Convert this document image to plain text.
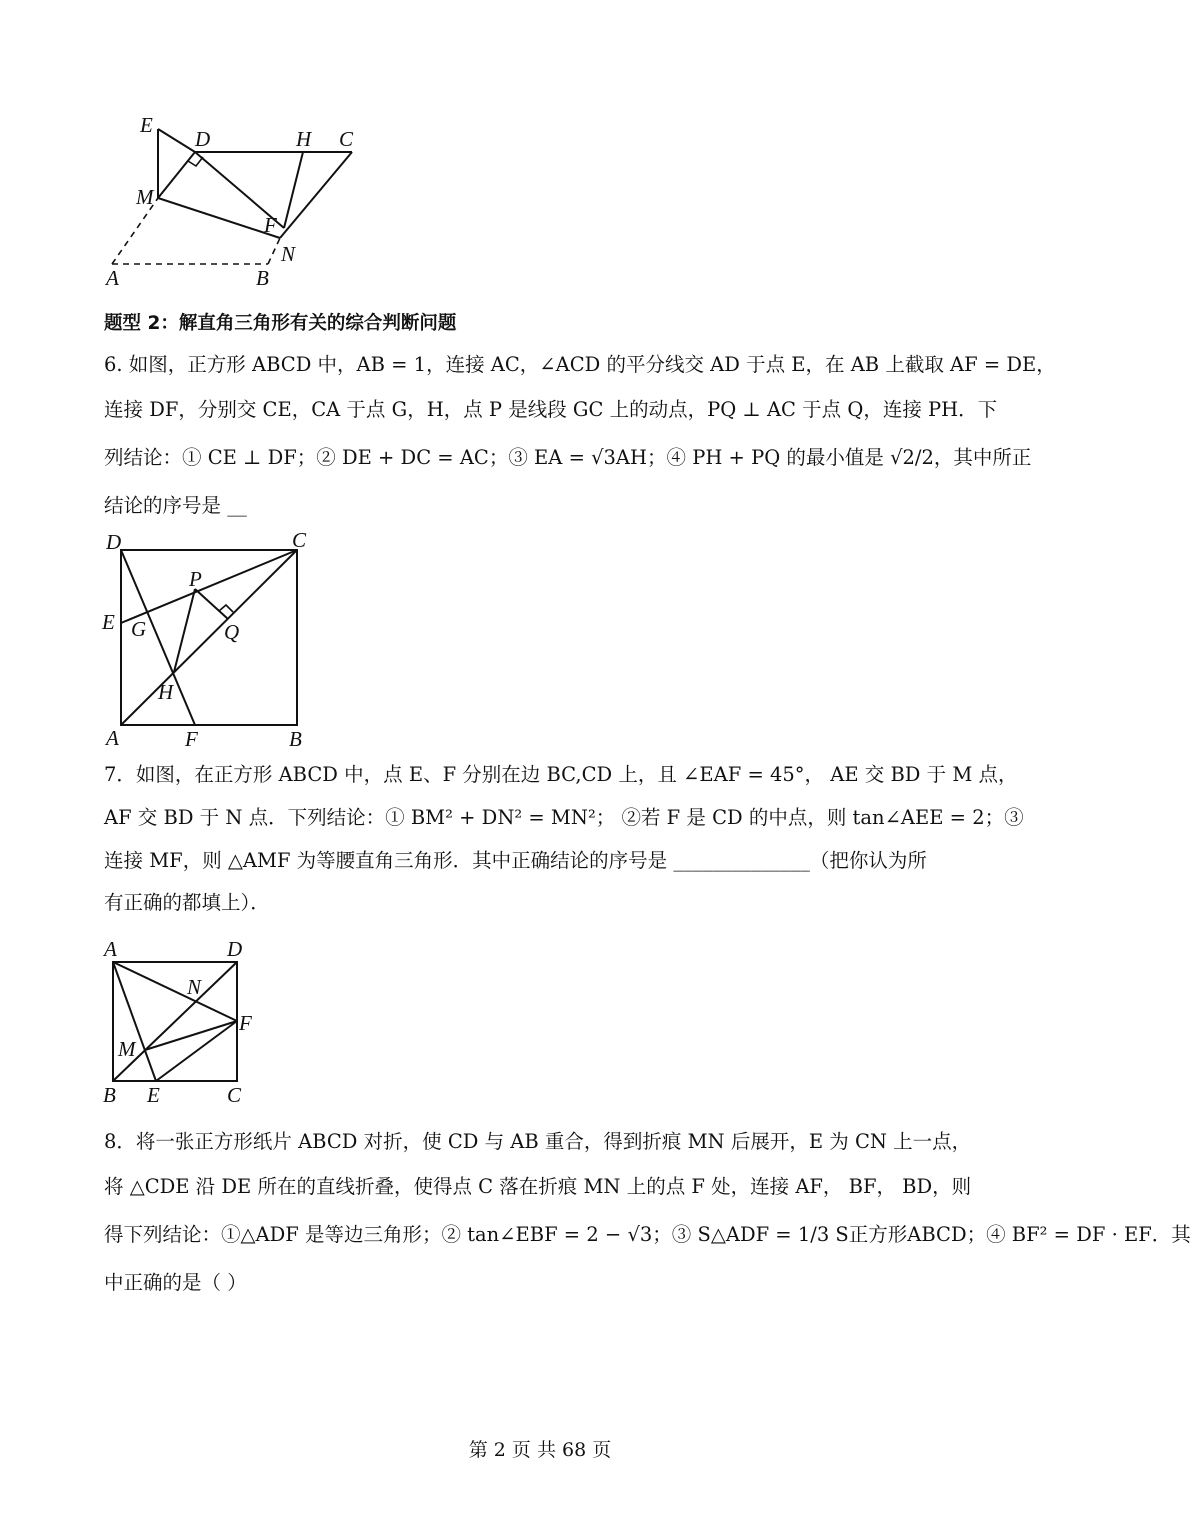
E
D	H C
M
F
N
A	B
题型 2：解直角三角形有关的综合判断问题
6. 如图，正方形 ABCD 中，AB = 1，连接 AC，∠ACD 的平分线交 AD 于点 E，在 AB 上截取 AF = DE，
连接 DF，分别交 CE，CA 于点 G，H，点 P 是线段 GC 上的动点，PQ ⊥ AC 于点 Q，连接 PH．下
列结论：① CE ⊥ DF；② DE + DC = AC；③ EA = √3AH；④ PH + PQ 的最小值是 √2/2，其中所正
结论的序号是 __
D	C
P
E G	Q
H
A	F	B
7．如图，在正方形 ABCD 中，点 E、F 分别在边 BC,CD 上，且 ∠EAF = 45°， AE 交 BD 于 M 点，
AF 交 BD 于 N 点．下列结论：① BM² + DN² = MN²； ②若 F 是 CD 的中点，则 tan∠AEE = 2；③
连接 MF，则 △AMF 为等腰直角三角形．其中正确结论的序号是 ______________（把你认为所
有正确的都填上）．
A	D
N
F
M
B E	C
8．将一张正方形纸片 ABCD 对折，使 CD 与 AB 重合，得到折痕 MN 后展开，E 为 CN 上一点，
将 △CDE 沿 DE 所在的直线折叠，使得点 C 落在折痕 MN 上的点 F 处，连接 AF， BF， BD，则
得下列结论：①△ADF 是等边三角形；② tan∠EBF = 2 − √3；③ S△ADF = 1/3 S正方形ABCD；④ BF² = DF · EF．其
中正确的是（ ）
第 2 页 共 68 页
